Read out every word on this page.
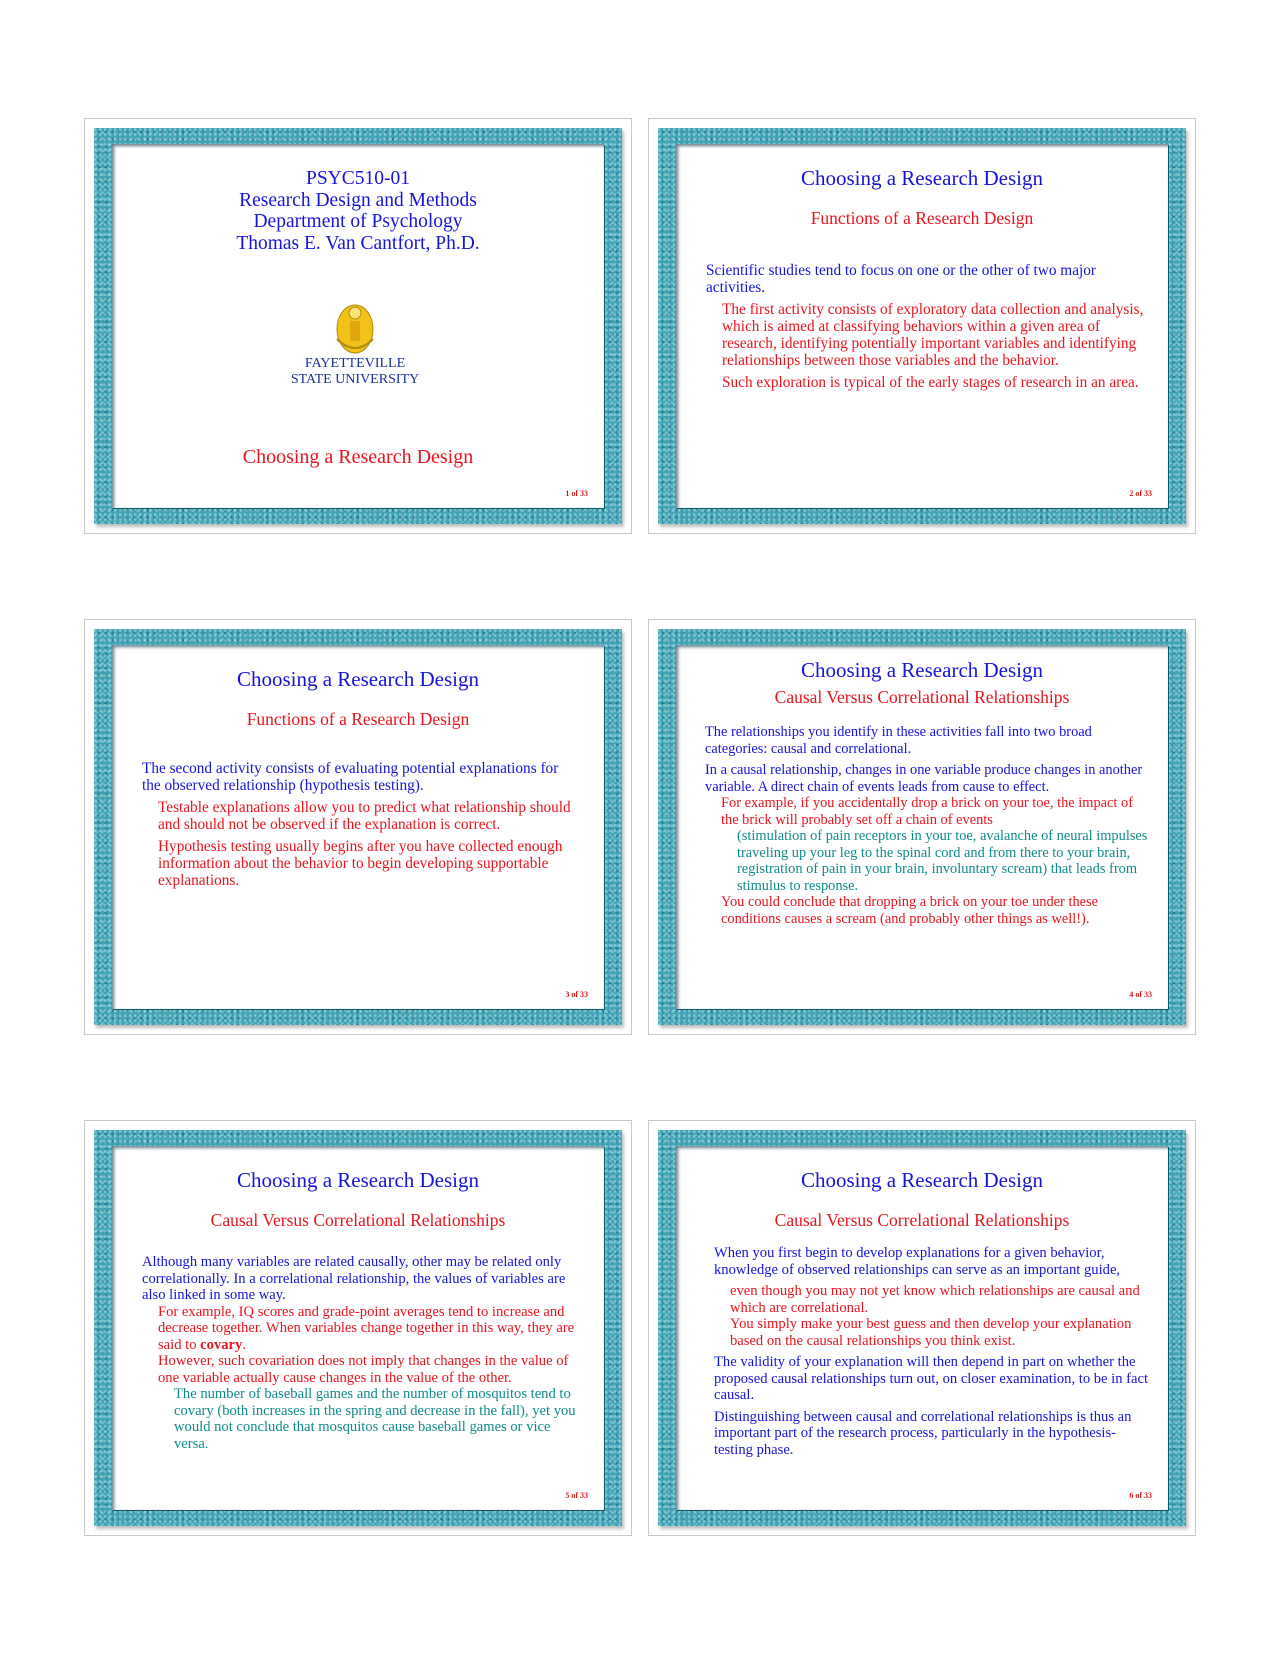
PSYC510-01
Research Design and Methods
Department of Psychology
Thomas E. Van Cantfort, Ph.D.
FAYETTEVILLE
STATE UNIVERSITY
Choosing a Research Design
1 of 33
Choosing a Research Design
Functions of a Research Design

Scientific studies tend to focus on one or the other of two major activities.

The first activity consists of exploratory data collection and analysis, which is aimed at classifying behaviors within a given area of research, identifying potentially important variables and identifying relationships between those variables and the behavior.

Such exploration is typical of the early stages of research in an area.

2 of 33
Choosing a Research Design
Functions of a Research Design

The second activity consists of evaluating potential explanations for the observed relationship (hypothesis testing).

Testable explanations allow you to predict what relationship should and should not be observed if the explanation is correct.

Hypothesis testing usually begins after you have collected enough information about the behavior to begin developing supportable explanations.

3 of 33
Choosing a Research Design
Causal Versus Correlational Relationships

The relationships you identify in these activities fall into two broad categories: causal and correlational.

In a causal relationship, changes in one variable produce changes in another variable. A direct chain of events leads from cause to effect.

For example, if you accidentally drop a brick on your toe, the impact of the brick will probably set off a chain of events

(stimulation of pain receptors in your toe, avalanche of neural impulses traveling up your leg to the spinal cord and from there to your brain, registration of pain in your brain, involuntary scream) that leads from stimulus to response.

You could conclude that dropping a brick on your toe under these conditions causes a scream (and probably other things as well!).

4 of 33
Choosing a Research Design
Causal Versus Correlational Relationships

Although many variables are related causally, other may be related only correlationally. In a correlational relationship, the values of variables are also linked in some way.

For example, IQ scores and grade-point averages tend to increase and decrease together. When variables change together in this way, they are said to covary.

However, such covariation does not imply that changes in the value of one variable actually cause changes in the value of the other.

The number of baseball games and the number of mosquitos tend to covary (both increases in the spring and decrease in the fall), yet you would not conclude that mosquitos cause baseball games or vice versa.

5 of 33
Choosing a Research Design
Causal Versus Correlational Relationships

When you first begin to develop explanations for a given behavior, knowledge of observed relationships can serve as an important guide,

even though you may not yet know which relationships are causal and which are correlational.

You simply make your best guess and then develop your explanation based on the causal relationships you think exist.

The validity of your explanation will then depend in part on whether the proposed causal relationships turn out, on closer examination, to be in fact causal.

Distinguishing between causal and correlational relationships is thus an important part of the research process, particularly in the hypothesis-testing phase.

6 of 33
